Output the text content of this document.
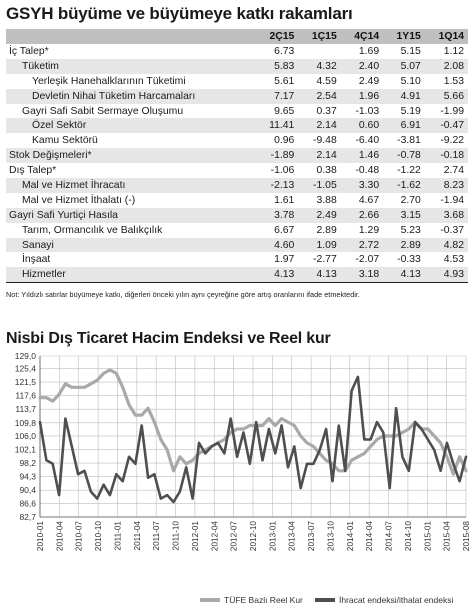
GSYH büyüme ve büyümeye katkı rakamları
	2Ç15	1Ç15	4Ç14	1Y15	1Q14
İç Talep*	6.73		1.69	5.15	1.12
Tüketim	5.83	4.32	2.40	5.07	2.08
Yerleşik Hanehalklarının Tüketimi	5.61	4.59	2.49	5.10	1.53
Devletin Nihai Tüketim Harcamaları	7.17	2.54	1.96	4.91	5.66
Gayri Safi Sabit Sermaye Oluşumu	9.65	0.37	-1.03	5.19	-1.99
Özel Sektör	11.41	2.14	0.60	6.91	-0.47
Kamu Sektörü	0.96	-9.48	-6.40	-3.81	-9.22
Stok Değişmeleri*	-1.89	2.14	1.46	-0.78	-0.18
Dış Talep*	-1.06	0.38	-0.48	-1.22	2.74
Mal ve Hizmet İhracatı	-2.13	-1.05	3.30	-1.62	8.23
Mal ve Hizmet İthalatı (-)	1.61	3.88	4.67	2.70	-1.94
Gayri Safi Yurtiçi Hasıla	3.78	2.49	2.66	3.15	3.68
Tarım, Ormancılık ve Balıkçılık	6.67	2.89	1.29	5.23	-0.37
Sanayi	4.60	1.09	2.72	2.89	4.82
İnşaat	1.97	-2.77	-2.07	-0.33	4.53
Hizmetler	4.13	4.13	3.18	4.13	4.93
Not: Yıldızlı satırlar büyümeye katkı, diğerleri önceki yılın aynı çeyreğine göre artış oranlarını ifade etmektedir.
Nisbi Dış Ticaret Hacim Endeksi ve Reel kur
82,7
86,6
90,4
94,3
98,2
102,1
106,0
109,8
113,7
117,6
121,5
125,4
129,0
2010-01 2010-04 2010-07 2010-10 2011-01 2011-04 2011-07 2011-10 2012-01 2012-04 2012-07 2012-10 2013-01 2013-04 2013-07 2013-10 2014-01 2014-04 2014-07 2014-10 2015-01 2015-04 2015-08
TÜFE Bazlı Reel Kur	İhracat endeksi/ithalat endeksi
